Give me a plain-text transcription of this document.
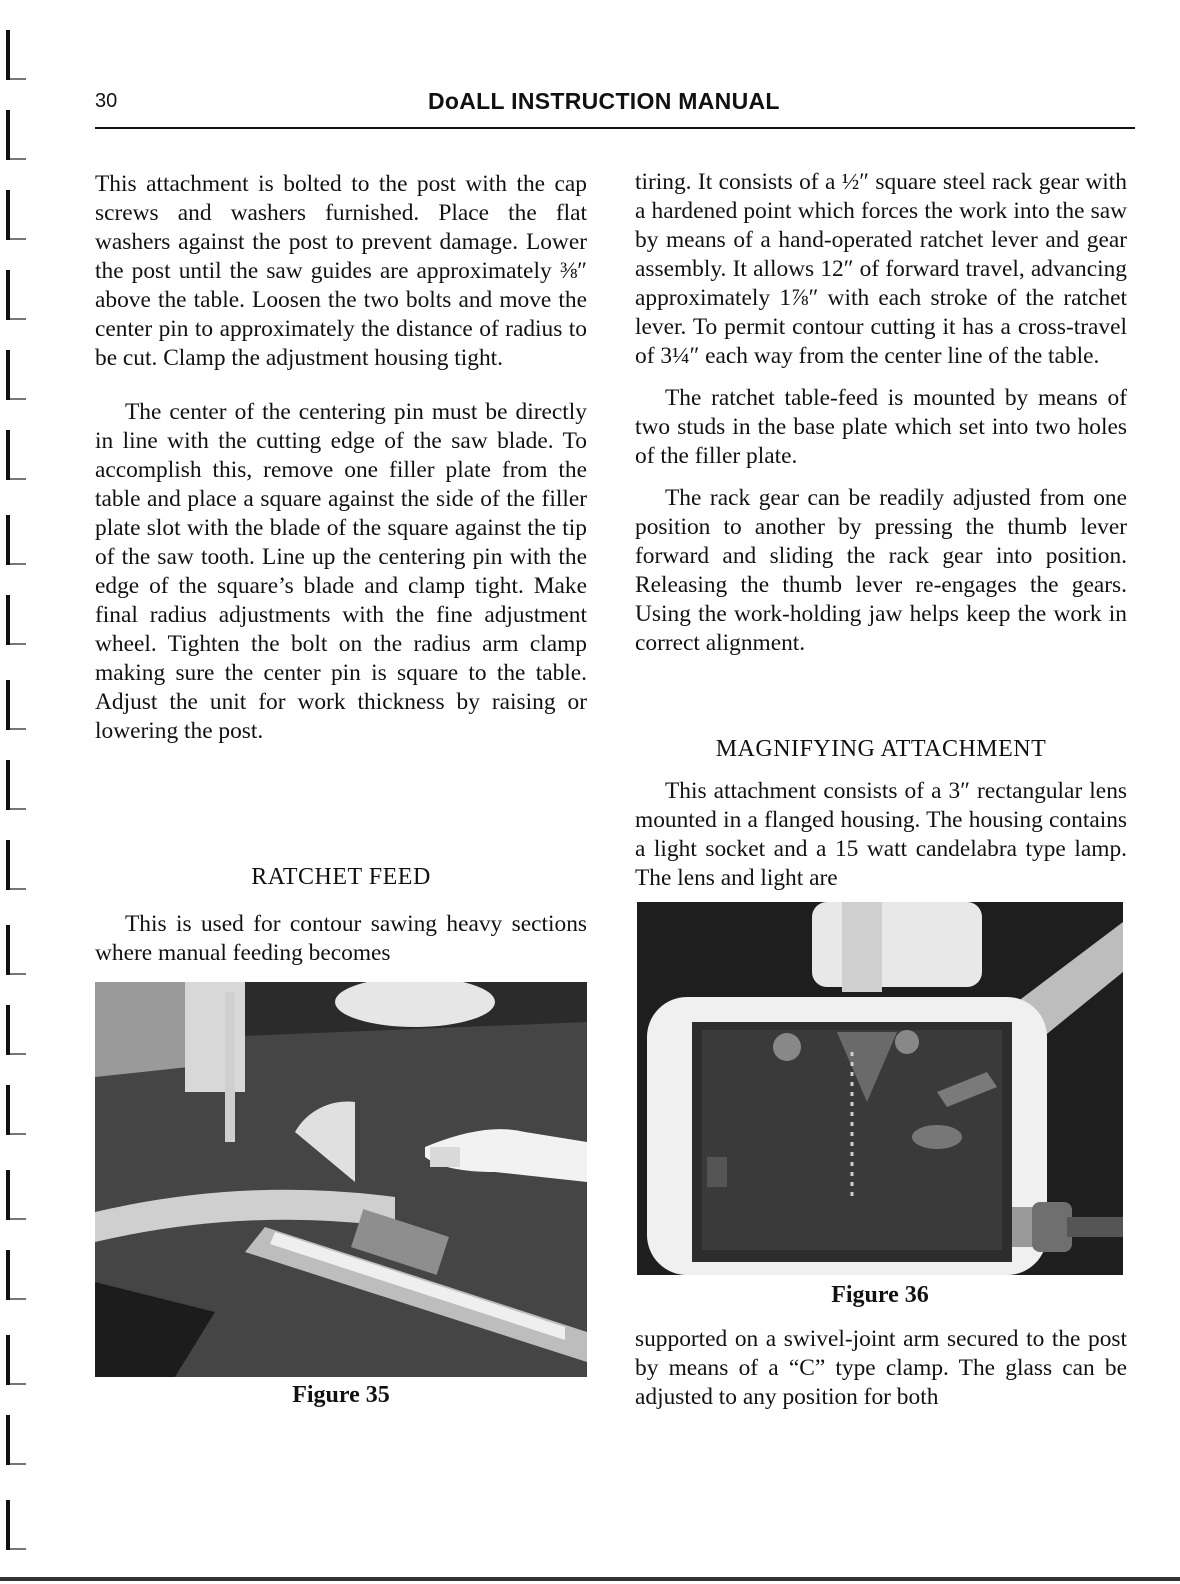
30	DoALL INSTRUCTION MANUAL

This attachment is bolted to the post with the cap screws and washers furnished. Place the flat washers against the post to prevent damage. Lower the post until the saw guides are approximately ⅜″ above the table. Loosen the two bolts and move the center pin to approximately the distance of radius to be cut. Clamp the adjustment housing tight.

The center of the centering pin must be directly in line with the cutting edge of the saw blade. To accomplish this, remove one filler plate from the table and place a square against the side of the filler plate slot with the blade of the square against the tip of the saw tooth. Line up the centering pin with the edge of the square’s blade and clamp tight. Make final radius adjustments with the fine adjustment wheel. Tighten the bolt on the radius arm clamp making sure the center pin is square to the table. Adjust the unit for work thickness by raising or lowering the post.

RATCHET FEED

This is used for contour sawing heavy sections where manual feeding becomes

Figure 35

tiring. It consists of a ½″ square steel rack gear with a hardened point which forces the work into the saw by means of a hand-operated ratchet lever and gear assembly. It allows 12″ of forward travel, advancing approximately 1⅞″ with each stroke of the ratchet lever. To permit contour cutting it has a cross-travel of 3¼″ each way from the center line of the table.

The ratchet table-feed is mounted by means of two studs in the base plate which set into two holes of the filler plate.

The rack gear can be readily adjusted from one position to another by pressing the thumb lever forward and sliding the rack gear into position. Releasing the thumb lever re-engages the gears. Using the work-holding jaw helps keep the work in correct alignment.

MAGNIFYING ATTACHMENT

This attachment consists of a 3″ rectangular lens mounted in a flanged housing. The housing contains a light socket and a 15 watt candelabra type lamp. The lens and light are

Figure 36

supported on a swivel-joint arm secured to the post by means of a “C” type clamp. The glass can be adjusted to any position for both
